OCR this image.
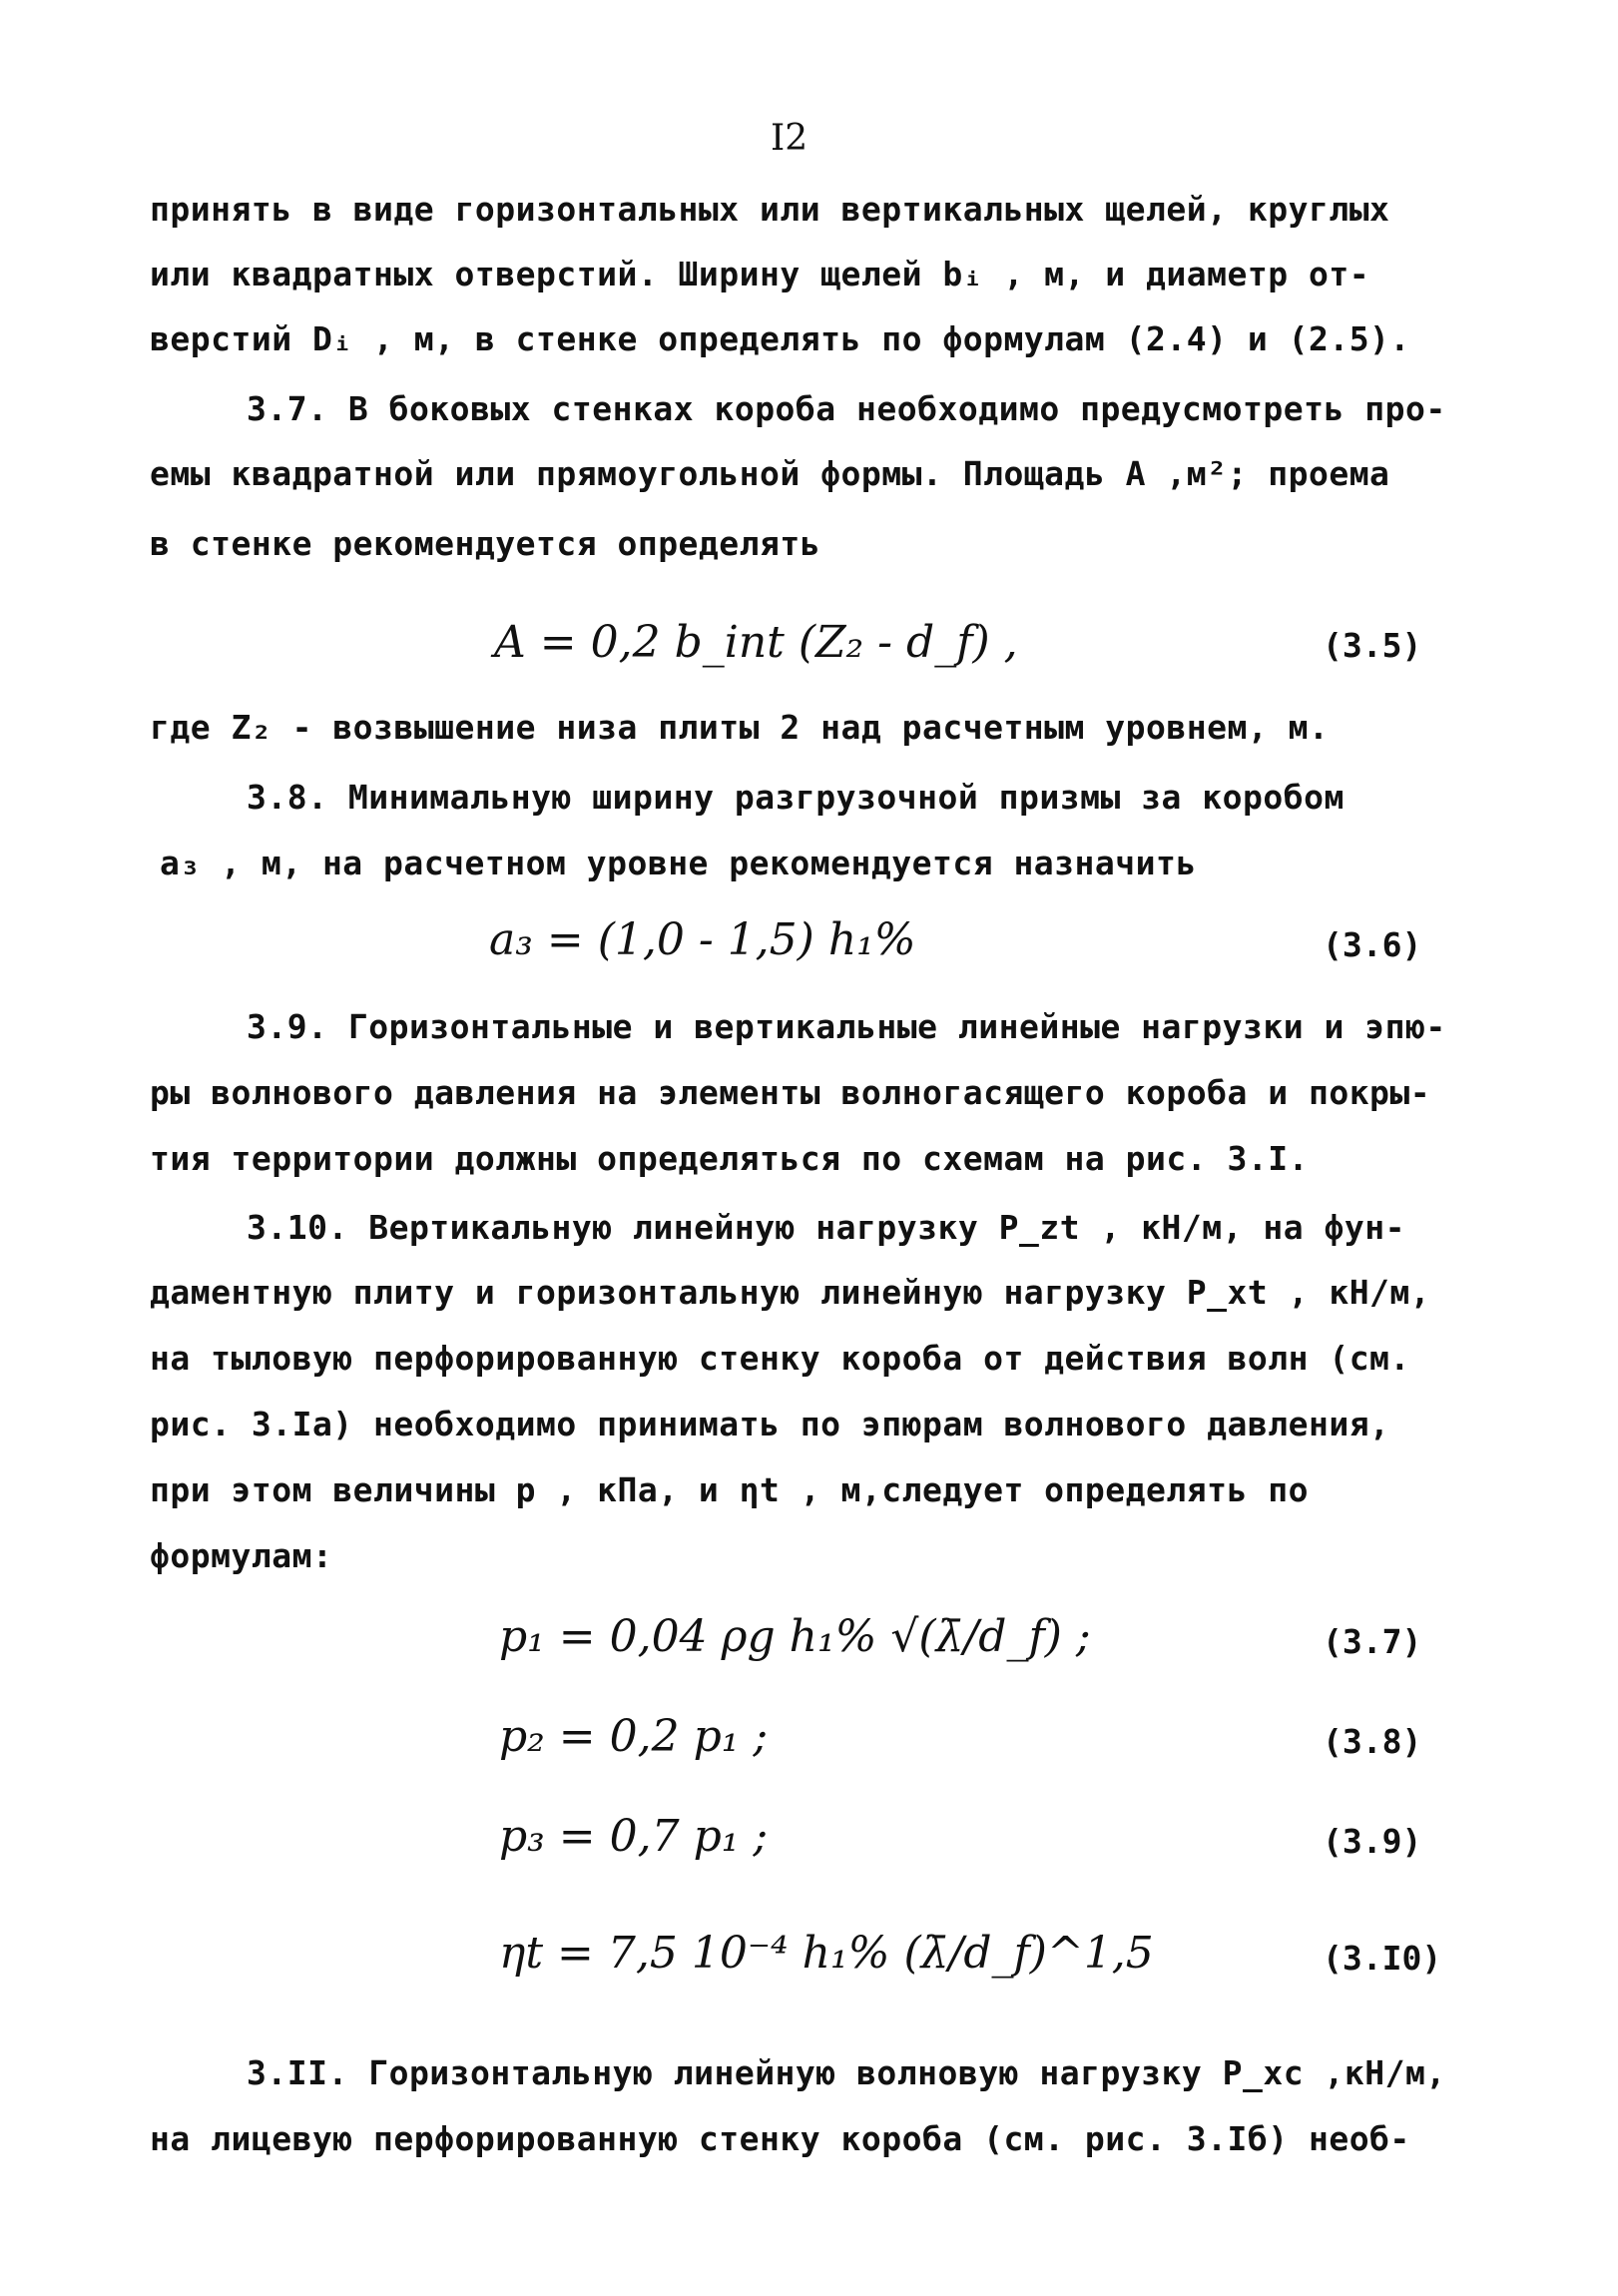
I2
принять в виде горизонтальных или вертикальных щелей, круглых
или квадратных отверстий. Ширину щелей bᵢ , м, и диаметр от-
верстий Dᵢ , м, в стенке определять по формулам (2.4) и (2.5).
3.7. В боковых стенках короба необходимо предусмотреть про-
емы квадратной или прямоугольной формы. Площадь A ,м²; проема
в стенке рекомендуется определять
A = 0,2 b_int (Z₂ - d_f) ,	(3.5)
где Z₂ - возвышение низа плиты 2 над расчетным уровнем, м.
3.8. Минимальную ширину разгрузочной призмы за коробом
a₃ , м, на расчетном уровне рекомендуется назначить
a₃ = (1,0 - 1,5) h₁%	(3.6)
3.9. Горизонтальные и вертикальные линейные нагрузки и эпю-
ры волнового давления на элементы волногасящего короба и покры-
тия территории должны определяться по схемам на рис. 3.I.
3.10. Вертикальную линейную нагрузку P_zt , кН/м, на фун-
даментную плиту и горизонтальную линейную нагрузку P_xt , кН/м,
на тыловую перфорированную стенку короба от действия волн (см.
рис. 3.Iа) необходимо принимать по эпюрам волнового давления,
при этом величины p , кПа, и ηt , м,следует определять по
формулам:
p₁ = 0,04 ρg h₁% √(λ̄/d_f) ;	(3.7)
p₂ = 0,2 p₁ ;	(3.8)
p₃ = 0,7 p₁ ;	(3.9)
ηt = 7,5 10⁻⁴ h₁% (λ̄/d_f)^1,5	(3.I0)
3.II. Горизонтальную линейную волновую нагрузку P_xc ,кН/м,
на лицевую перфорированную стенку короба (см. рис. 3.Iб) необ-
